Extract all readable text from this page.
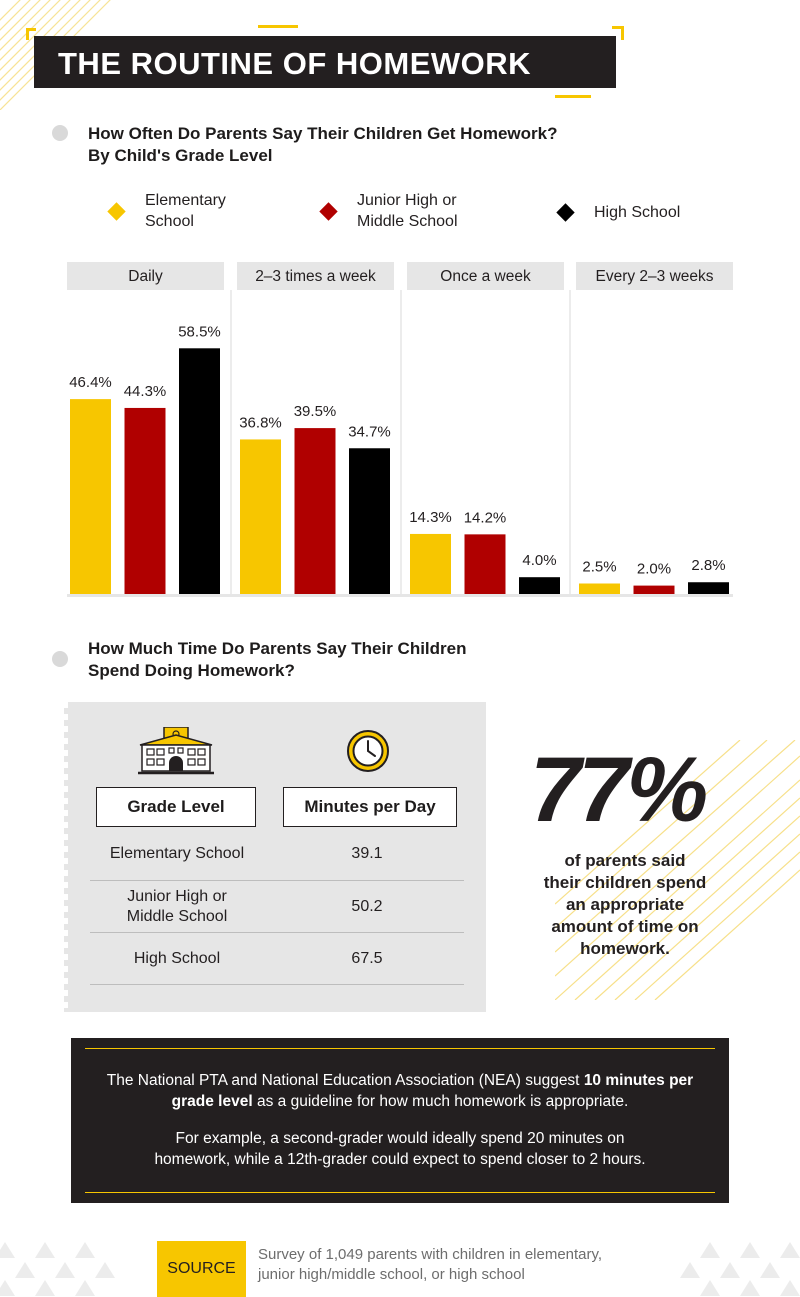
THE ROUTINE OF HOMEWORK
How Often Do Parents Say Their Children Get Homework?
By Child's Grade Level
Elementary
School
Junior High or
Middle School
High School
Daily	2–3 times a week	Once a week	Every 2–3 weeks
46.4%
36.8%
14.3%
2.5%
44.3%
39.5%
14.2%
2.0%
58.5%
34.7%
4.0%	2.8%
How Much Time Do Parents Say Their Children
Spend Doing Homework?
Grade Level	Minutes per Day
Elementary School	39.1
Junior High or
Middle School
50.2
High School	67.5
77%
of parents said
their children spend
an appropriate
amount of time on
homework.
The National PTA and National Education Association (NEA) suggest 10 minutes per grade level as a guideline for how much homework is appropriate.
For example, a second-grader would ideally spend 20 minutes on homework, while a 12th-grader could expect to spend closer to 2 hours.
SOURCE
Survey of 1,049 parents with children in elementary,
junior high/middle school, or high school
